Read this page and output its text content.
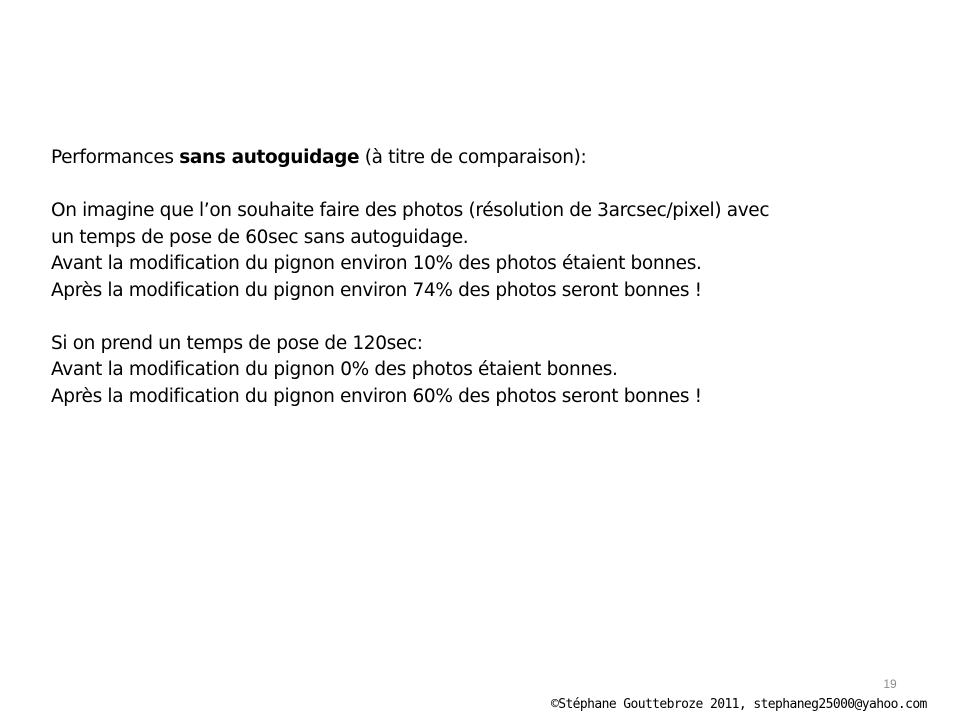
Performances sans autoguidage (à titre de comparaison):
On imagine que l’on souhaite faire des photos (résolution de 3arcsec/pixel) avec
un temps de pose de 60sec sans autoguidage.
Avant la modification du pignon environ 10% des photos étaient bonnes.
Après la modification du pignon environ 74% des photos seront bonnes !
Si on prend un temps de pose de 120sec:
Avant la modification du pignon 0% des photos étaient bonnes.
Après la modification du pignon environ 60% des photos seront bonnes !
19
©Stéphane Gouttebroze 2011, stephaneg25000@yahoo.com
